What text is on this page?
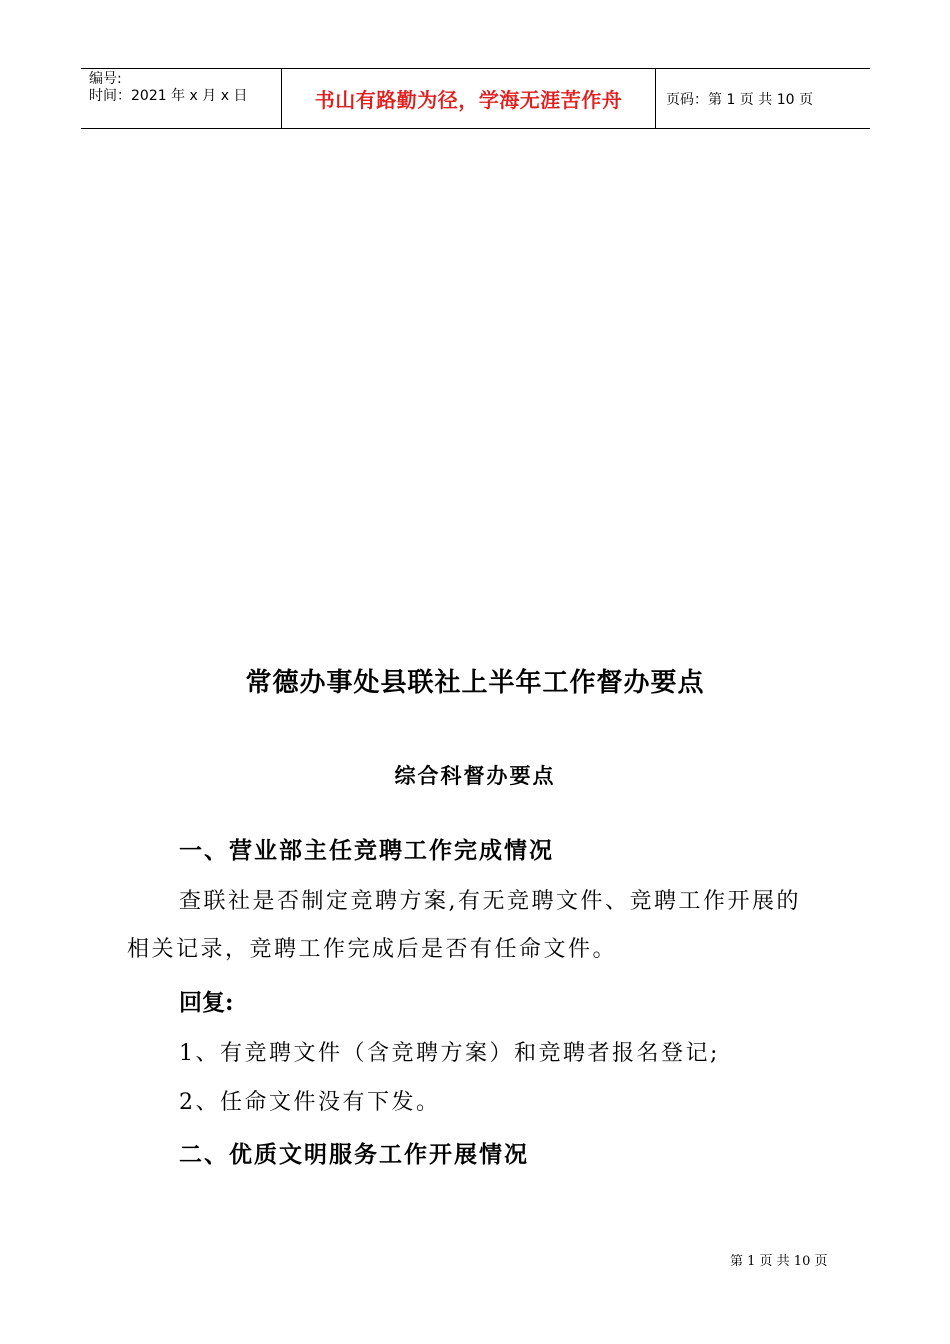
编号:
时间：2021 年 x 月 x 日	书山有路勤为径，学海无涯苦作舟	页码：第 1 页 共 10 页
常德办事处县联社上半年工作督办要点
综合科督办要点
一、营业部主任竞聘工作完成情况
查联社是否制定竞聘方案,有无竞聘文件、竞聘工作开展的
相关记录，竞聘工作完成后是否有任命文件。
回复:
1、有竞聘文件（含竞聘方案）和竞聘者报名登记;
2、任命文件没有下发。
二、优质文明服务工作开展情况
第 1 页 共 10 页
